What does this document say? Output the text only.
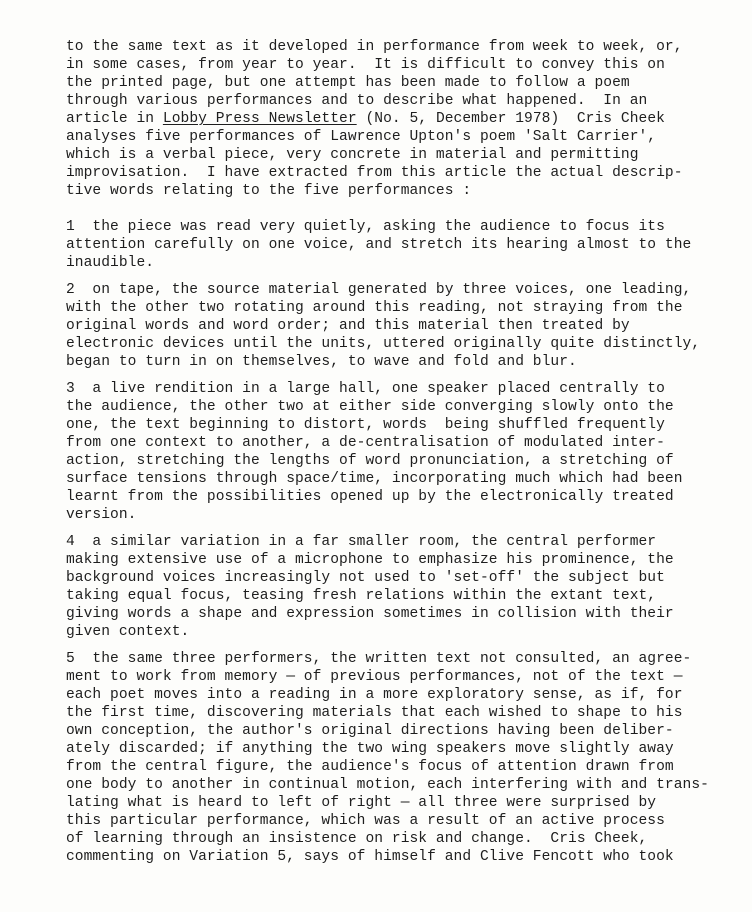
to the same text as it developed in performance from week to week, or,
in some cases, from year to year.  It is difficult to convey this on
the printed page, but one attempt has been made to follow a poem
through various performances and to describe what happened.  In an
article in Lobby Press Newsletter (No. 5, December 1978)  Cris Cheek
analyses five performances of Lawrence Upton's poem 'Salt Carrier',
which is a verbal piece, very concrete in material and permitting
improvisation.  I have extracted from this article the actual descrip-
tive words relating to the five performances :
1  the piece was read very quietly, asking the audience to focus its
attention carefully on one voice, and stretch its hearing almost to the
inaudible.
2  on tape, the source material generated by three voices, one leading,
with the other two rotating around this reading, not straying from the
original words and word order; and this material then treated by
electronic devices until the units, uttered originally quite distinctly,
began to turn in on themselves, to wave and fold and blur.
3  a live rendition in a large hall, one speaker placed centrally to
the audience, the other two at either side converging slowly onto the
one, the text beginning to distort, words  being shuffled frequently
from one context to another, a de-centralisation of modulated inter-
action, stretching the lengths of word pronunciation, a stretching of
surface tensions through space/time, incorporating much which had been
learnt from the possibilities opened up by the electronically treated
version.
4  a similar variation in a far smaller room, the central performer
making extensive use of a microphone to emphasize his prominence, the
background voices increasingly not used to 'set-off' the subject but
taking equal focus, teasing fresh relations within the extant text,
giving words a shape and expression sometimes in collision with their
given context.
5  the same three performers, the written text not consulted, an agree-
ment to work from memory — of previous performances, not of the text —
each poet moves into a reading in a more exploratory sense, as if, for
the first time, discovering materials that each wished to shape to his
own conception, the author's original directions having been deliber-
ately discarded; if anything the two wing speakers move slightly away
from the central figure, the audience's focus of attention drawn from
one body to another in continual motion, each interfering with and trans-
lating what is heard to left of right — all three were surprised by
this particular performance, which was a result of an active process
of learning through an insistence on risk and change.  Cris Cheek,
commenting on Variation 5, says of himself and Clive Fencott who took
